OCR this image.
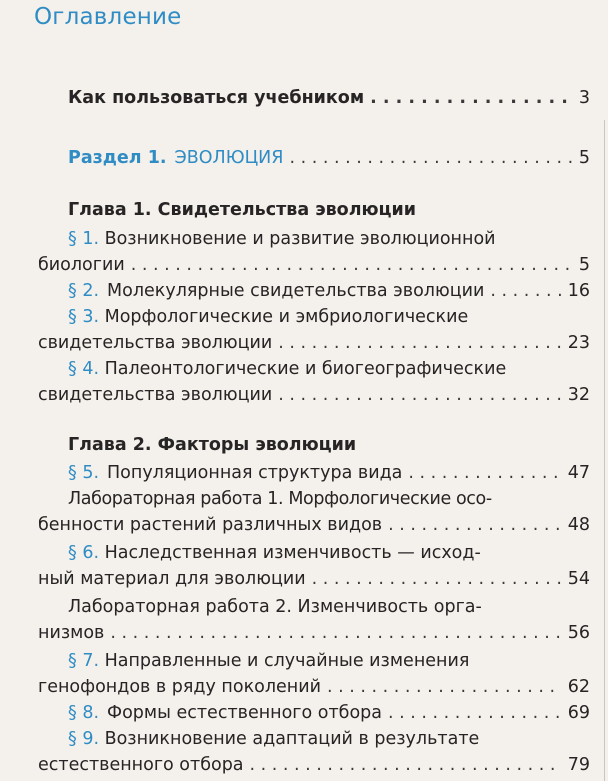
Оглавление
Как пользоваться учебником . . .	3
Раздел 1. ЭВОЛЮЦИЯ . . .	5
Глава 1. Свидетельства эволюции
§ 1. Возникновение и развитие эволюционной
биологии . . .	5
§ 2. Молекулярные свидетельства эволюции . . .	16
§ 3. Морфологические и эмбриологические
свидетельства эволюции . . .	23
§ 4. Палеонтологические и биогеографические
свидетельства эволюции . . .	32
Глава 2. Факторы эволюции
§ 5. Популяционная структура вида . . .	47
Лабораторная работа 1. Морфологические осо-
бенности растений различных видов . . .	48
§ 6. Наследственная изменчивость — исход-
ный материал для эволюции . . .	54
Лабораторная работа 2. Изменчивость орга-
низмов . . .	56
§ 7. Направленные и случайные изменения
генофондов в ряду поколений . . .	62
§ 8. Формы естественного отбора . . .	69
§ 9. Возникновение адаптаций в результате
естественного отбора . . .	79
